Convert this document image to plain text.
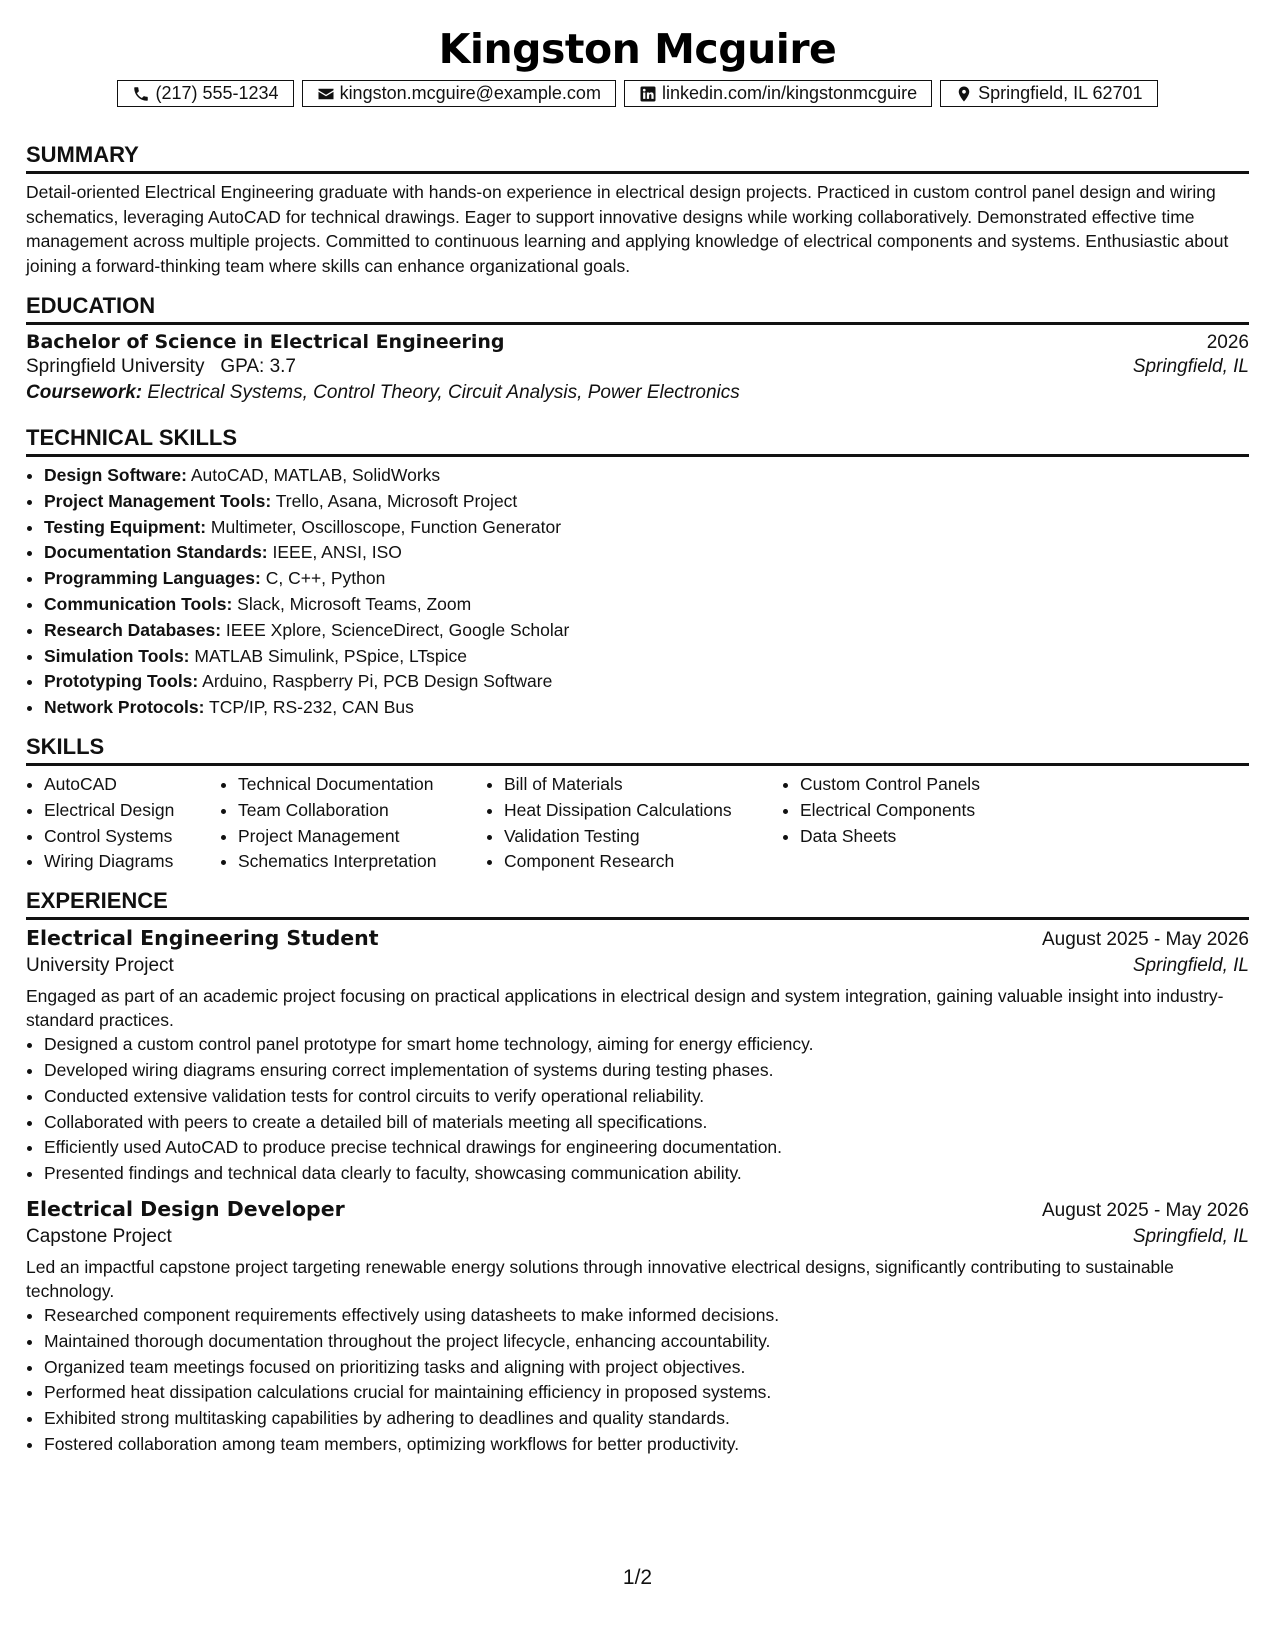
Kingston Mcguire
(217) 555-1234	kingston.mcguire@example.com	linkedin.com/in/kingstonmcguire	Springfield, IL 62701
SUMMARY
Detail-oriented Electrical Engineering graduate with hands-on experience in electrical design projects. Practiced in custom control panel design and wiring schematics, leveraging AutoCAD for technical drawings. Eager to support innovative designs while working collaboratively. Demonstrated effective time management across multiple projects. Committed to continuous learning and applying knowledge of electrical components and systems. Enthusiastic about joining a forward-thinking team where skills can enhance organizational goals.
EDUCATION
Bachelor of Science in Electrical Engineering	2026
Springfield University GPA: 3.7	Springfield, IL
Coursework: Electrical Systems, Control Theory, Circuit Analysis, Power Electronics
TECHNICAL SKILLS
• Design Software: AutoCAD, MATLAB, SolidWorks
• Project Management Tools: Trello, Asana, Microsoft Project
• Testing Equipment: Multimeter, Oscilloscope, Function Generator
• Documentation Standards: IEEE, ANSI, ISO
• Programming Languages: C, C++, Python
• Communication Tools: Slack, Microsoft Teams, Zoom
• Research Databases: IEEE Xplore, ScienceDirect, Google Scholar
• Simulation Tools: MATLAB Simulink, PSpice, LTspice
• Prototyping Tools: Arduino, Raspberry Pi, PCB Design Software
• Network Protocols: TCP/IP, RS-232, CAN Bus
SKILLS
• AutoCAD
• Electrical Design
• Control Systems
• Wiring Diagrams
• Technical Documentation
• Team Collaboration
• Project Management
• Schematics Interpretation
• Bill of Materials
• Heat Dissipation Calculations
• Validation Testing
• Component Research
• Custom Control Panels
• Electrical Components
• Data Sheets
EXPERIENCE
Electrical Engineering Student	August 2025 - May 2026
University Project	Springfield, IL
Engaged as part of an academic project focusing on practical applications in electrical design and system integration, gaining valuable insight into industry-standard practices.
• Designed a custom control panel prototype for smart home technology, aiming for energy efficiency.
• Developed wiring diagrams ensuring correct implementation of systems during testing phases.
• Conducted extensive validation tests for control circuits to verify operational reliability.
• Collaborated with peers to create a detailed bill of materials meeting all specifications.
• Efficiently used AutoCAD to produce precise technical drawings for engineering documentation.
• Presented findings and technical data clearly to faculty, showcasing communication ability.
Electrical Design Developer	August 2025 - May 2026
Capstone Project	Springfield, IL
Led an impactful capstone project targeting renewable energy solutions through innovative electrical designs, significantly contributing to sustainable technology.
• Researched component requirements effectively using datasheets to make informed decisions.
• Maintained thorough documentation throughout the project lifecycle, enhancing accountability.
• Organized team meetings focused on prioritizing tasks and aligning with project objectives.
• Performed heat dissipation calculations crucial for maintaining efficiency in proposed systems.
• Exhibited strong multitasking capabilities by adhering to deadlines and quality standards.
• Fostered collaboration among team members, optimizing workflows for better productivity.
1/2
